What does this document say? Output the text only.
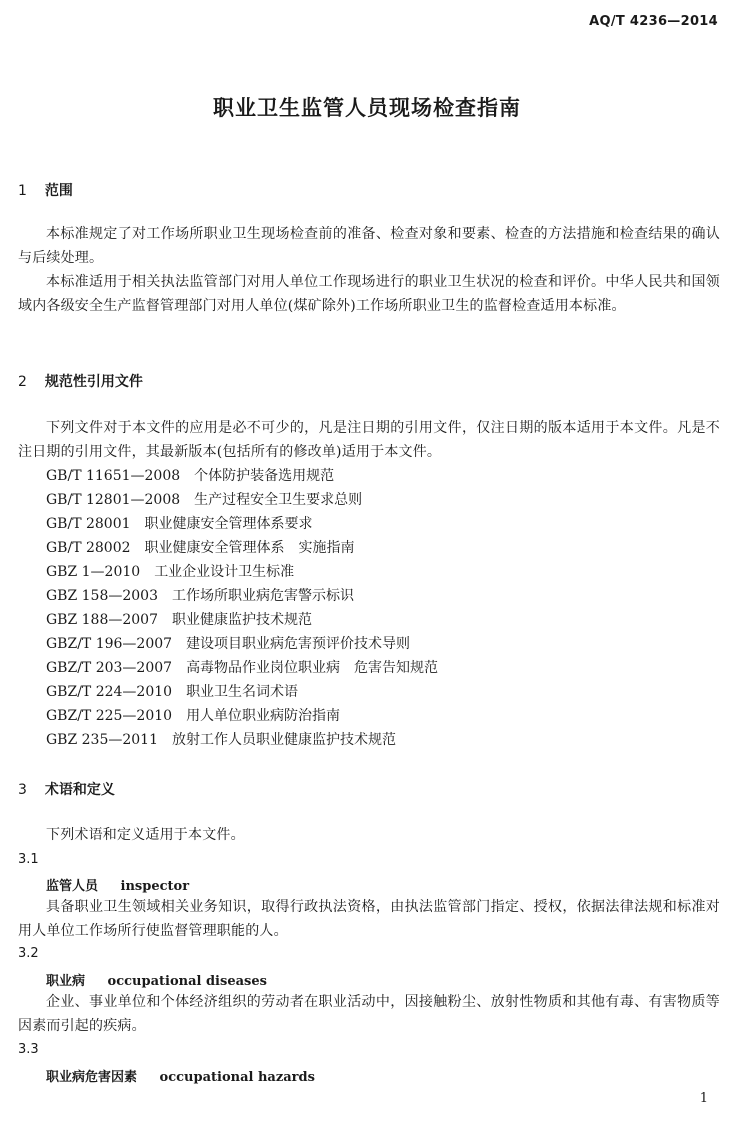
AQ/T 4236—2014
职业卫生监管人员现场检查指南
1 范围
本标准规定了对工作场所职业卫生现场检查前的准备、检查对象和要素、检查的方法措施和检查结果的确认与后续处理。
本标准适用于相关执法监管部门对用人单位工作现场进行的职业卫生状况的检查和评价。中华人民共和国领域内各级安全生产监督管理部门对用人单位(煤矿除外)工作场所职业卫生的监督检查适用本标准。
2 规范性引用文件
下列文件对于本文件的应用是必不可少的，凡是注日期的引用文件，仅注日期的版本适用于本文件。凡是不注日期的引用文件，其最新版本(包括所有的修改单)适用于本文件。
GB/T 11651—2008 个体防护装备选用规范
GB/T 12801—2008 生产过程安全卫生要求总则
GB/T 28001 职业健康安全管理体系要求
GB/T 28002 职业健康安全管理体系　实施指南
GBZ 1—2010 工业企业设计卫生标准
GBZ 158—2003 工作场所职业病危害警示标识
GBZ 188—2007 职业健康监护技术规范
GBZ/T 196—2007 建设项目职业病危害预评价技术导则
GBZ/T 203—2007 高毒物品作业岗位职业病　危害告知规范
GBZ/T 224—2010 职业卫生名词术语
GBZ/T 225—2010 用人单位职业病防治指南
GBZ 235—2011 放射工作人员职业健康监护技术规范
3 术语和定义
下列术语和定义适用于本文件。
3.1
监管人员 inspector
具备职业卫生领域相关业务知识，取得行政执法资格，由执法监管部门指定、授权，依据法律法规和标准对用人单位工作场所行使监督管理职能的人。
3.2
职业病 occupational diseases
企业、事业单位和个体经济组织的劳动者在职业活动中，因接触粉尘、放射性物质和其他有毒、有害物质等因素而引起的疾病。
3.3
职业病危害因素 occupational hazards
1
